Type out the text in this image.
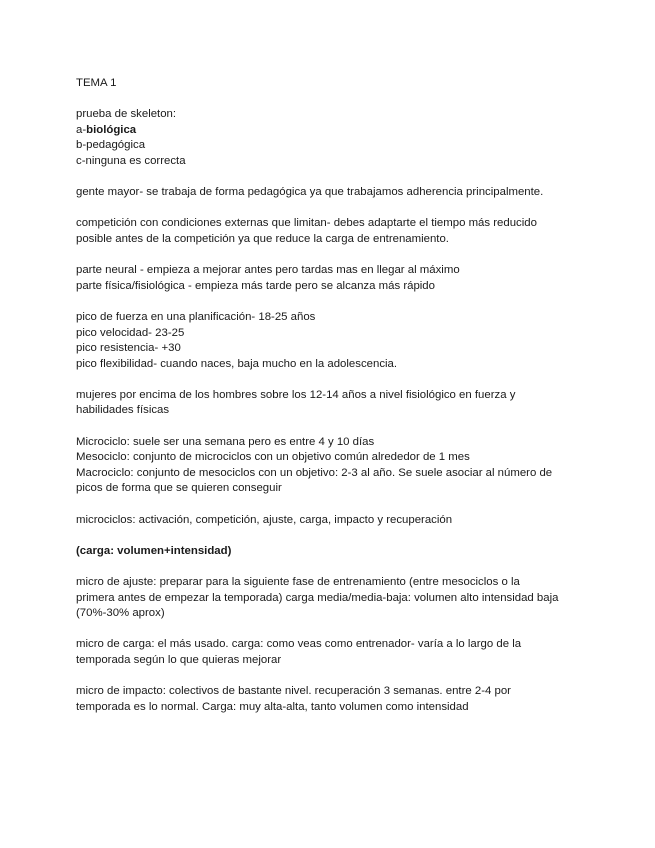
TEMA 1
prueba de skeleton:
a-biológica
b-pedagógica
c-ninguna es correcta
gente mayor- se trabaja de forma pedagógica ya que trabajamos adherencia principalmente.
competición con condiciones externas que limitan- debes adaptarte el tiempo más reducido
posible antes de la competición ya que reduce la carga de entrenamiento.
parte neural - empieza a mejorar antes pero tardas mas en llegar al máximo
parte física/fisiológica - empieza más tarde pero se alcanza más rápido
pico de fuerza en una planificación- 18-25 años
pico velocidad- 23-25
pico resistencia- +30
pico flexibilidad- cuando naces, baja mucho en la adolescencia.
mujeres por encima de los hombres sobre los 12-14 años a nivel fisiológico en fuerza y
habilidades físicas
Microciclo: suele ser una semana pero es entre 4 y 10 días
Mesociclo: conjunto de microciclos con un objetivo común alrededor de 1 mes
Macrociclo: conjunto de mesociclos con un objetivo: 2-3 al año. Se suele asociar al número de
picos de forma que se quieren conseguir
microciclos: activación, competición, ajuste, carga, impacto y recuperación
(carga: volumen+intensidad)
micro de ajuste: preparar para la siguiente fase de entrenamiento (entre mesociclos o la
primera antes de empezar la temporada) carga media/media-baja: volumen alto intensidad baja
(70%-30% aprox)
micro de carga: el más usado. carga: como veas como entrenador- varía a lo largo de la
temporada según lo que quieras mejorar
micro de impacto: colectivos de bastante nivel. recuperación 3 semanas. entre 2-4 por
temporada es lo normal. Carga: muy alta-alta, tanto volumen como intensidad
